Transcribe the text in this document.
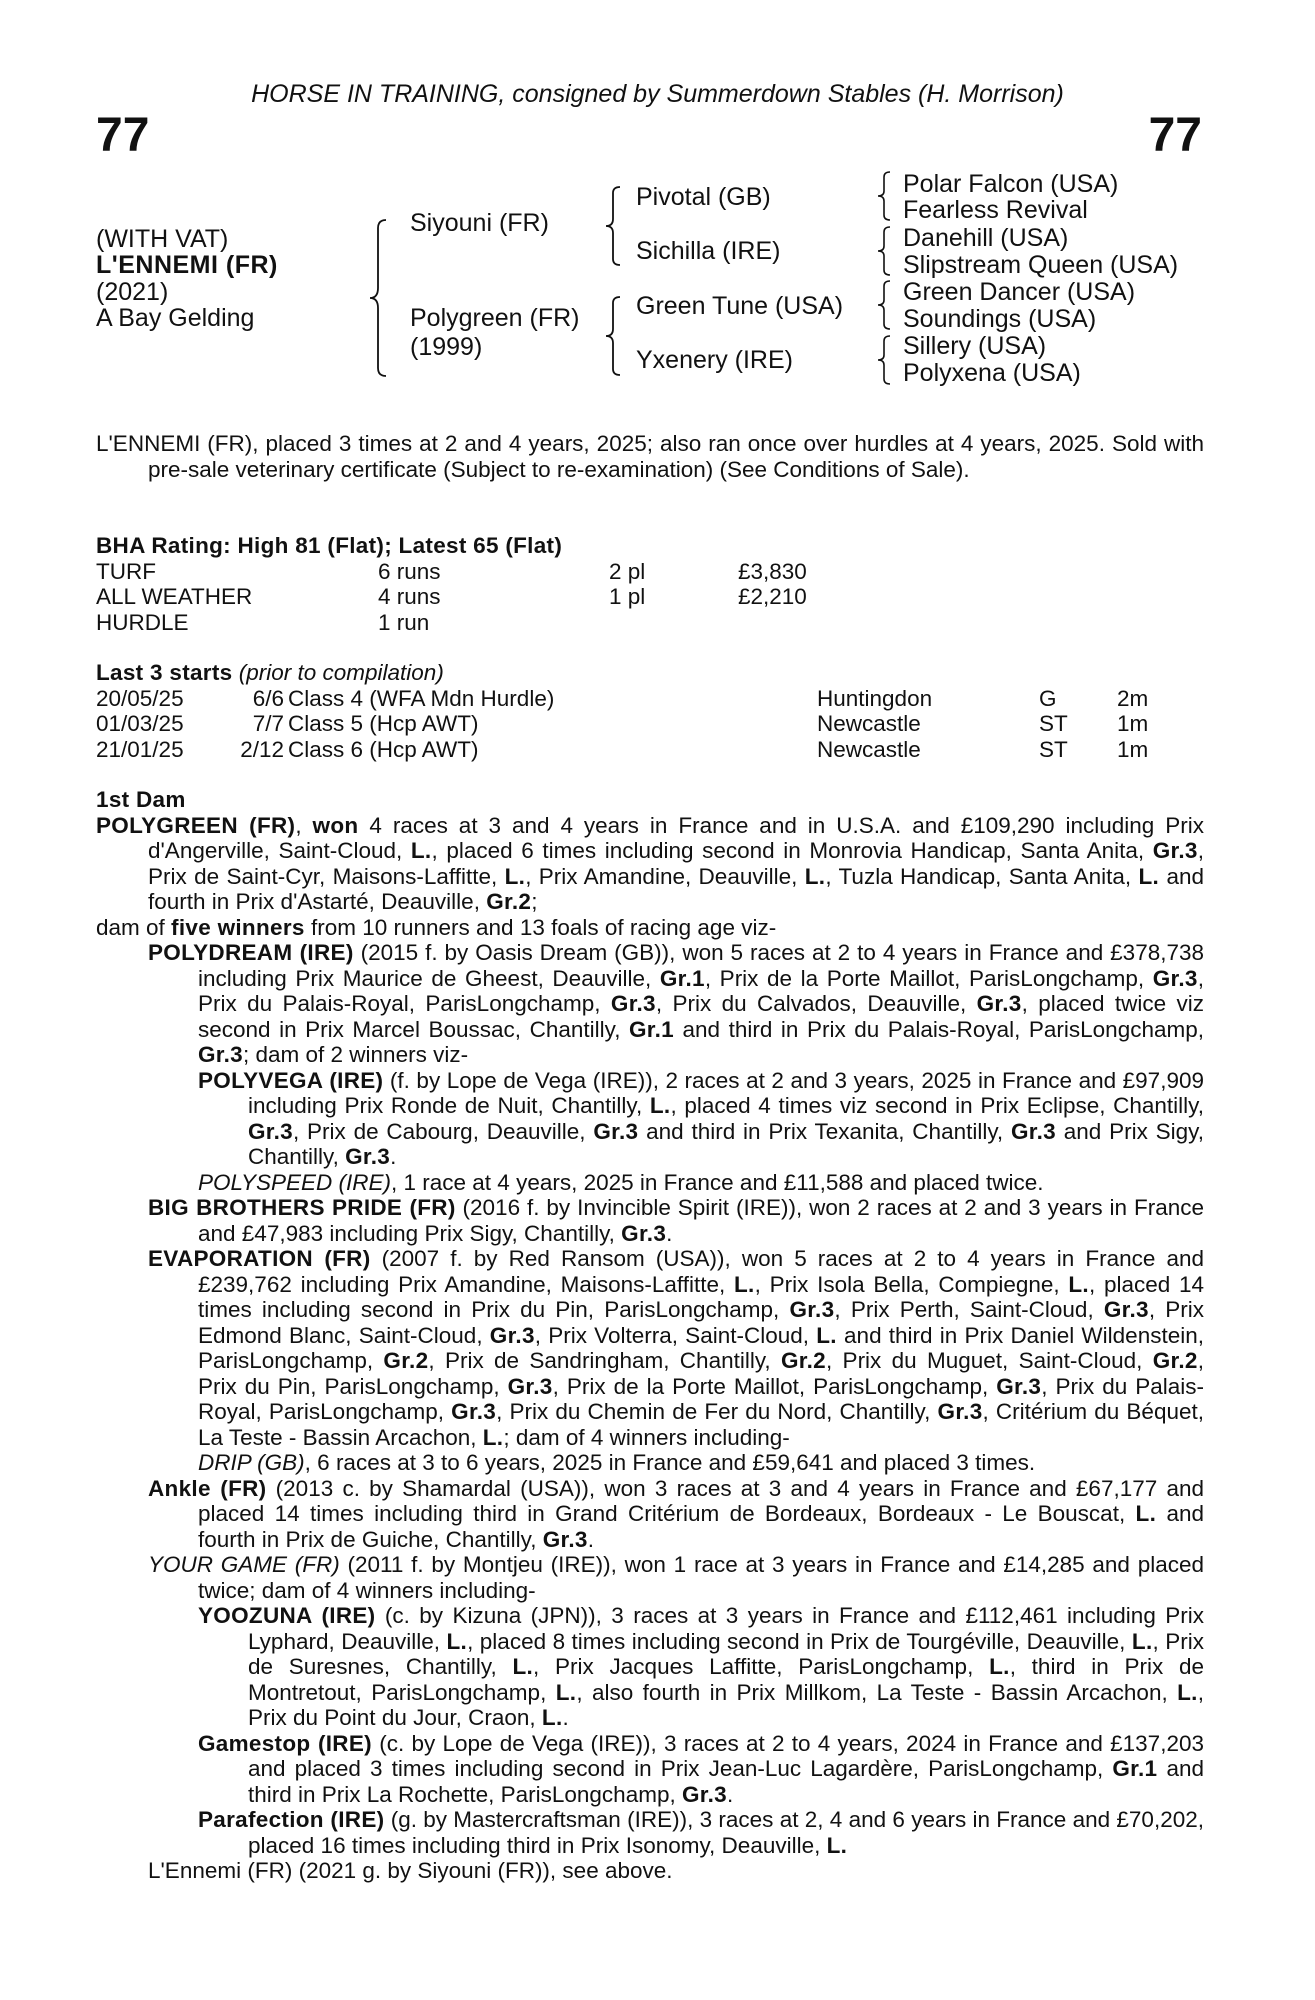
HORSE IN TRAINING, consigned by Summerdown Stables (H. Morrison)
77	77
(WITH VAT)
L'ENNEMI (FR)
(2021)
A Bay Gelding
Siyouni (FR)
Polygreen (FR)
(1999)
Pivotal (GB)
Sichilla (IRE)
Green Tune (USA)
Yxenery (IRE)
Polar Falcon (USA)
Fearless Revival
Danehill (USA)
Slipstream Queen (USA)
Green Dancer (USA)
Soundings (USA)
Sillery (USA)
Polyxena (USA)

L'ENNEMI (FR), placed 3 times at 2 and 4 years, 2025; also ran once over hurdles at 4 years, 2025. Sold with pre-sale veterinary certificate (Subject to re-examination) (See Conditions of Sale).

BHA Rating: High 81 (Flat); Latest 65 (Flat)
TURF	6 runs	2 pl	£3,830
ALL WEATHER	4 runs	1 pl	£2,210
HURDLE	1 run
Last 3 starts (prior to compilation)
20/05/25	6/6 Class 4 (WFA Mdn Hurdle)	Huntingdon	G	2m
01/03/25	7/7 Class 5 (Hcp AWT)	Newcastle	ST 1m
21/01/25	2/12 Class 6 (Hcp AWT)	Newcastle	ST 1m
1st Dam

POLYGREEN (FR), won 4 races at 3 and 4 years in France and in U.S.A. and £109,290 including Prix d'Angerville, Saint-Cloud, L., placed 6 times including second in Monrovia Handicap, Santa Anita, Gr.3, Prix de Saint-Cyr, Maisons-Laffitte, L., Prix Amandine, Deauville, L., Tuzla Handicap, Santa Anita, L. and fourth in Prix d'Astarté, Deauville, Gr.2;

dam of five winners from 10 runners and 13 foals of racing age viz-

POLYDREAM (IRE) (2015 f. by Oasis Dream (GB)), won 5 races at 2 to 4 years in France and £378,738 including Prix Maurice de Gheest, Deauville, Gr.1, Prix de la Porte Maillot, ParisLongchamp, Gr.3, Prix du Palais-Royal, ParisLongchamp, Gr.3, Prix du Calvados, Deauville, Gr.3, placed twice viz second in Prix Marcel Boussac, Chantilly, Gr.1 and third in Prix du Palais-Royal, ParisLongchamp, Gr.3; dam of 2 winners viz-

POLYVEGA (IRE) (f. by Lope de Vega (IRE)), 2 races at 2 and 3 years, 2025 in France and £97,909 including Prix Ronde de Nuit, Chantilly, L., placed 4 times viz second in Prix Eclipse, Chantilly, Gr.3, Prix de Cabourg, Deauville, Gr.3 and third in Prix Texanita, Chantilly, Gr.3 and Prix Sigy, Chantilly, Gr.3.

POLYSPEED (IRE), 1 race at 4 years, 2025 in France and £11,588 and placed twice.

BIG BROTHERS PRIDE (FR) (2016 f. by Invincible Spirit (IRE)), won 2 races at 2 and 3 years in France and £47,983 including Prix Sigy, Chantilly, Gr.3.

EVAPORATION (FR) (2007 f. by Red Ransom (USA)), won 5 races at 2 to 4 years in France and £239,762 including Prix Amandine, Maisons-Laffitte, L., Prix Isola Bella, Compiegne, L., placed 14 times including second in Prix du Pin, ParisLongchamp, Gr.3, Prix Perth, Saint-Cloud, Gr.3, Prix Edmond Blanc, Saint-Cloud, Gr.3, Prix Volterra, Saint-Cloud, L. and third in Prix Daniel Wildenstein, ParisLongchamp, Gr.2, Prix de Sandringham, Chantilly, Gr.2, Prix du Muguet, Saint-Cloud, Gr.2, Prix du Pin, ParisLongchamp, Gr.3, Prix de la Porte Maillot, ParisLongchamp, Gr.3, Prix du Palais-Royal, ParisLongchamp, Gr.3, Prix du Chemin de Fer du Nord, Chantilly, Gr.3, Critérium du Béquet, La Teste - Bassin Arcachon, L.; dam of 4 winners including-

DRIP (GB), 6 races at 3 to 6 years, 2025 in France and £59,641 and placed 3 times.

Ankle (FR) (2013 c. by Shamardal (USA)), won 3 races at 3 and 4 years in France and £67,177 and placed 14 times including third in Grand Critérium de Bordeaux, Bordeaux - Le Bouscat, L. and fourth in Prix de Guiche, Chantilly, Gr.3.

YOUR GAME (FR) (2011 f. by Montjeu (IRE)), won 1 race at 3 years in France and £14,285 and placed twice; dam of 4 winners including-

YOOZUNA (IRE) (c. by Kizuna (JPN)), 3 races at 3 years in France and £112,461 including Prix Lyphard, Deauville, L., placed 8 times including second in Prix de Tourgéville, Deauville, L., Prix de Suresnes, Chantilly, L., Prix Jacques Laffitte, ParisLongchamp, L., third in Prix de Montretout, ParisLongchamp, L., also fourth in Prix Millkom, La Teste - Bassin Arcachon, L., Prix du Point du Jour, Craon, L..

Gamestop (IRE) (c. by Lope de Vega (IRE)), 3 races at 2 to 4 years, 2024 in France and £137,203 and placed 3 times including second in Prix Jean-Luc Lagardère, ParisLongchamp, Gr.1 and third in Prix La Rochette, ParisLongchamp, Gr.3.

Parafection (IRE) (g. by Mastercraftsman (IRE)), 3 races at 2, 4 and 6 years in France and £70,202, placed 16 times including third in Prix Isonomy, Deauville, L.

L'Ennemi (FR) (2021 g. by Siyouni (FR)), see above.
